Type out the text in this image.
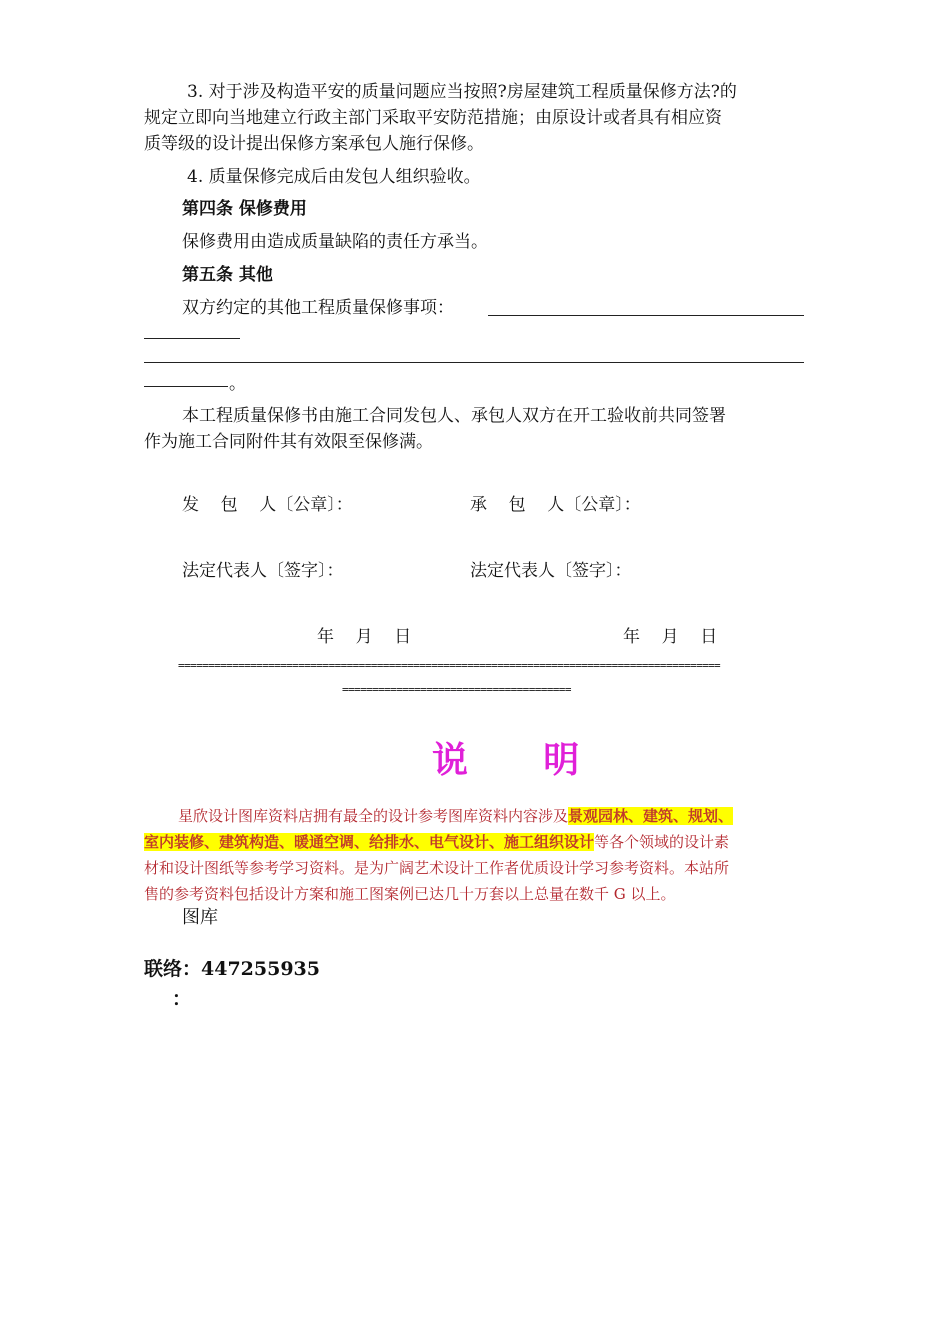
3. 对于涉及构造平安的质量问题应当按照?房屋建筑工程质量保修方法?的
规定立即向当地建立行政主部门采取平安防范措施；由原设计或者具有相应资
质等级的设计提出保修方案承包人施行保修。
4. 质量保修完成后由发包人组织验收。
第四条 保修费用
保修费用由造成质量缺陷的责任方承当。
第五条 其他
双方约定的其他工程质量保修事项：
。
本工程质量保修书由施工合同发包人、承包人双方在开工验收前共同签署
作为施工合同附件其有效限至保修满。
发    包    人〔公章〕：	承    包    人〔公章〕：
法定代表人〔签字〕：	法定代表人〔签字〕：
年    月    日	年    月    日
==========================================================================================
======================================
说      明
星欣设计图库资料店拥有最全的设计参考图库资料内容涉及景观园林、建筑、规划、
室内装修、建筑构造、暖通空调、给排水、电气设计、施工组织设计等各个领域的设计素
材和设计图纸等参考学习资料。是为广阔艺术设计工作者优质设计学习参考资料。本站所
售的参考资料包括设计方案和施工图案例已达几十万套以上总量在数千 G 以上。
图库
联络：447255935
：
